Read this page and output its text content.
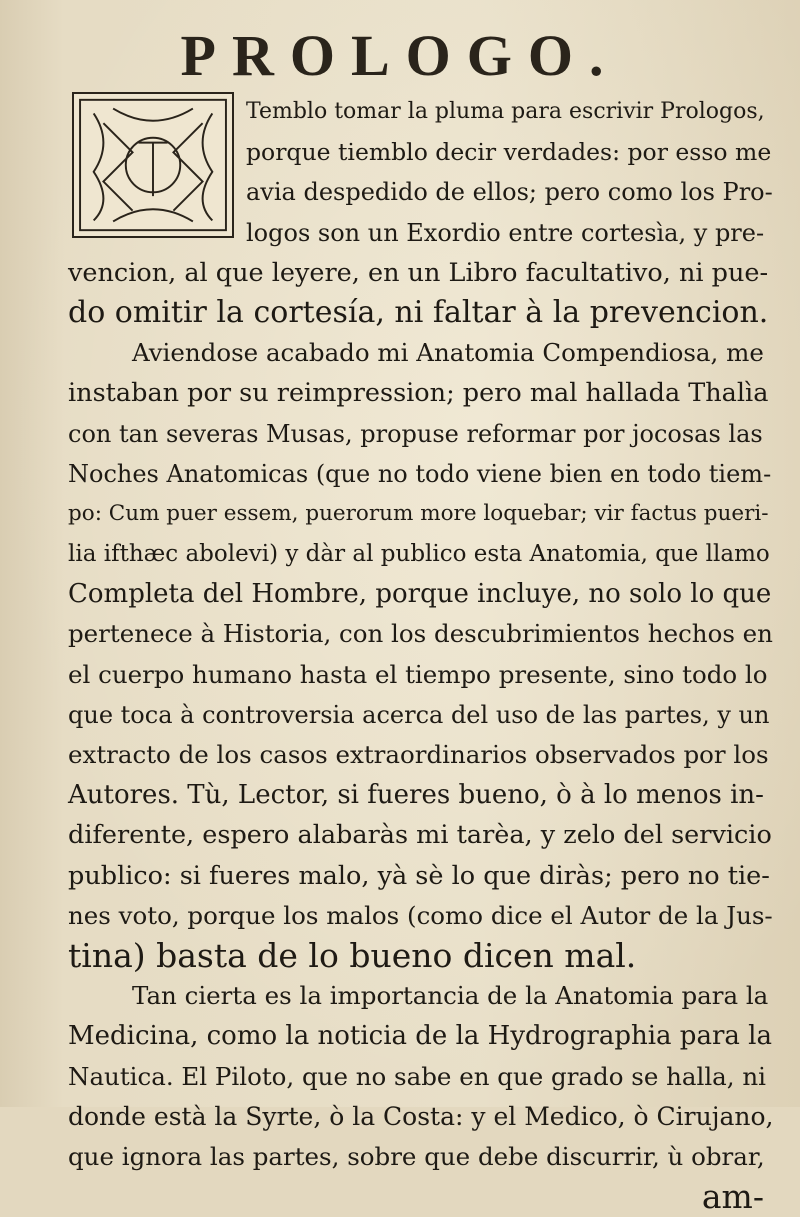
PROLOGO.
Temblo tomar la pluma para escrivir Prologos,
porque tiemblo decir verdades: por esso me
avia despedido de ellos; pero como los Pro-
logos son un Exordio entre cortesìa, y pre-
vencion, al que leyere, en un Libro facultativo, ni pue-
do omitir la cortesía, ni faltar à la prevencion.
Aviendose acabado mi Anatomia Compendiosa, me
instaban por su reimpression; pero mal hallada Thalìa
con tan severas Musas, propuse reformar por jocosas las
Noches Anatomicas (que no todo viene bien en todo tiem-
po: Cum puer essem, puerorum more loquebar; vir factus pueri-
lia ifthæc abolevi) y dàr al publico esta Anatomia, que llamo
Completa del Hombre, porque incluye, no solo lo que
pertenece à Historia, con los descubrimientos hechos en
el cuerpo humano hasta el tiempo presente, sino todo lo
que toca à controversia acerca del uso de las partes, y un
extracto de los casos extraordinarios observados por los
Autores. Tù, Lector, si fueres bueno, ò à lo menos in-
diferente, espero alabaràs mi tarèa, y zelo del servicio
publico: si fueres malo, yà sè lo que diràs; pero no tie-
nes voto, porque los malos (como dice el Autor de la Jus-
tina) basta de lo bueno dicen mal.
Tan cierta es la importancia de la Anatomia para la
Medicina, como la noticia de la Hydrographia para la
Nautica. El Piloto, que no sabe en que grado se halla, ni
donde està la Syrte, ò la Costa: y el Medico, ò Cirujano,
que ignora las partes, sobre que debe discurrir, ù obrar,
am-
